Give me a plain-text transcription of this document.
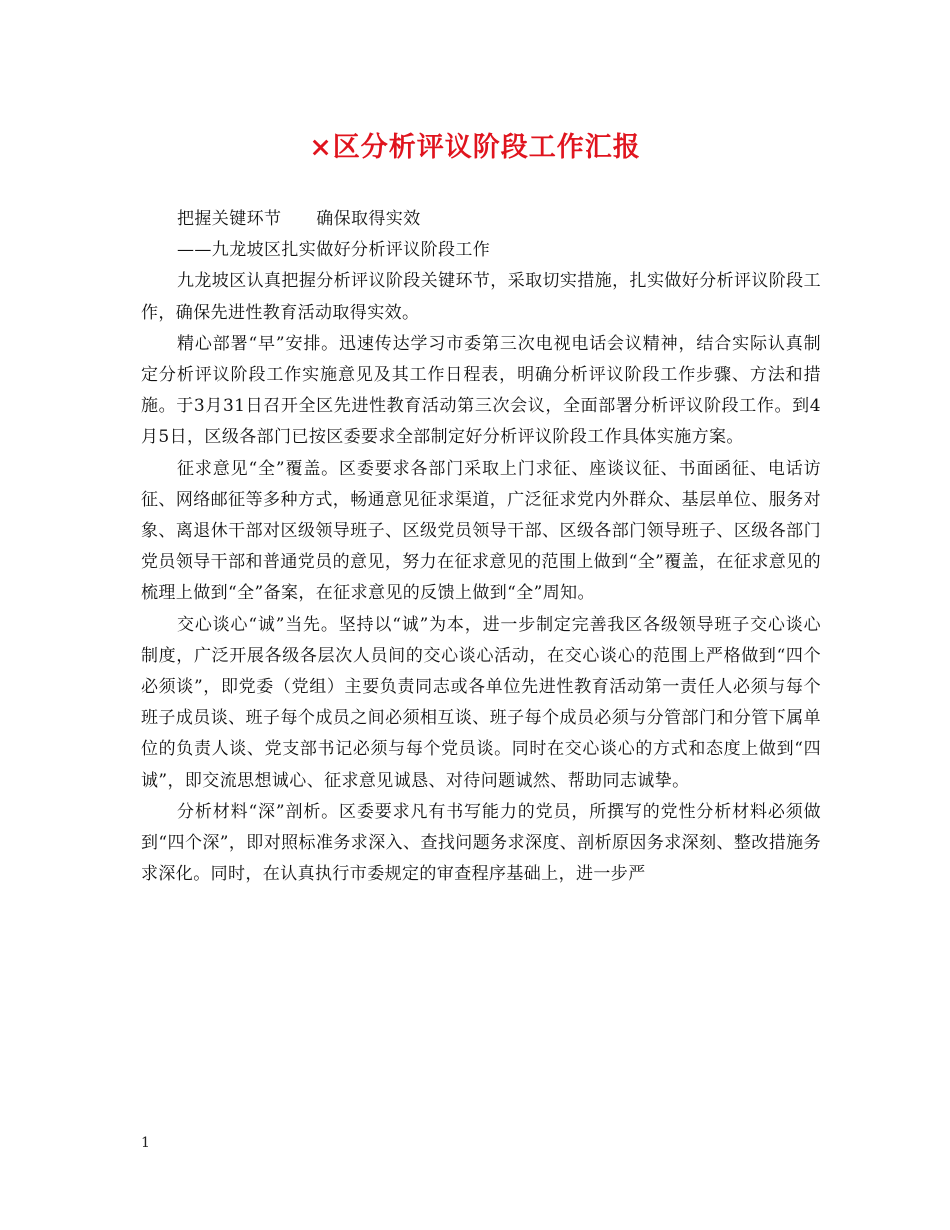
×区分析评议阶段工作汇报

把握关键环节　　确保取得实效

——九龙坡区扎实做好分析评议阶段工作

九龙坡区认真把握分析评议阶段关键环节，采取切实措施，扎实做好分析评议阶段工作，确保先进性教育活动取得实效。

精心部署“早”安排。迅速传达学习市委第三次电视电话会议精神，结合实际认真制定分析评议阶段工作实施意见及其工作日程表，明确分析评议阶段工作步骤、方法和措施。于3月31日召开全区先进性教育活动第三次会议，全面部署分析评议阶段工作。到4月5日，区级各部门已按区委要求全部制定好分析评议阶段工作具体实施方案。

征求意见“全”覆盖。区委要求各部门采取上门求征、座谈议征、书面函征、电话访征、网络邮征等多种方式，畅通意见征求渠道，广泛征求党内外群众、基层单位、服务对象、离退休干部对区级领导班子、区级党员领导干部、区级各部门领导班子、区级各部门党员领导干部和普通党员的意见，努力在征求意见的范围上做到“全”覆盖，在征求意见的梳理上做到“全”备案，在征求意见的反馈上做到“全”周知。

交心谈心“诚”当先。坚持以“诚”为本，进一步制定完善我区各级领导班子交心谈心制度，广泛开展各级各层次人员间的交心谈心活动，在交心谈心的范围上严格做到“四个必须谈”，即党委（党组）主要负责同志或各单位先进性教育活动第一责任人必须与每个班子成员谈、班子每个成员之间必须相互谈、班子每个成员必须与分管部门和分管下属单位的负责人谈、党支部书记必须与每个党员谈。同时在交心谈心的方式和态度上做到“四诚”，即交流思想诚心、征求意见诚恳、对待问题诚然、帮助同志诚挚。

分析材料“深”剖析。区委要求凡有书写能力的党员，所撰写的党性分析材料必须做到“四个深”，即对照标准务求深入、查找问题务求深度、剖析原因务求深刻、整改措施务求深化。同时，在认真执行市委规定的审查程序基础上，进一步严

1
